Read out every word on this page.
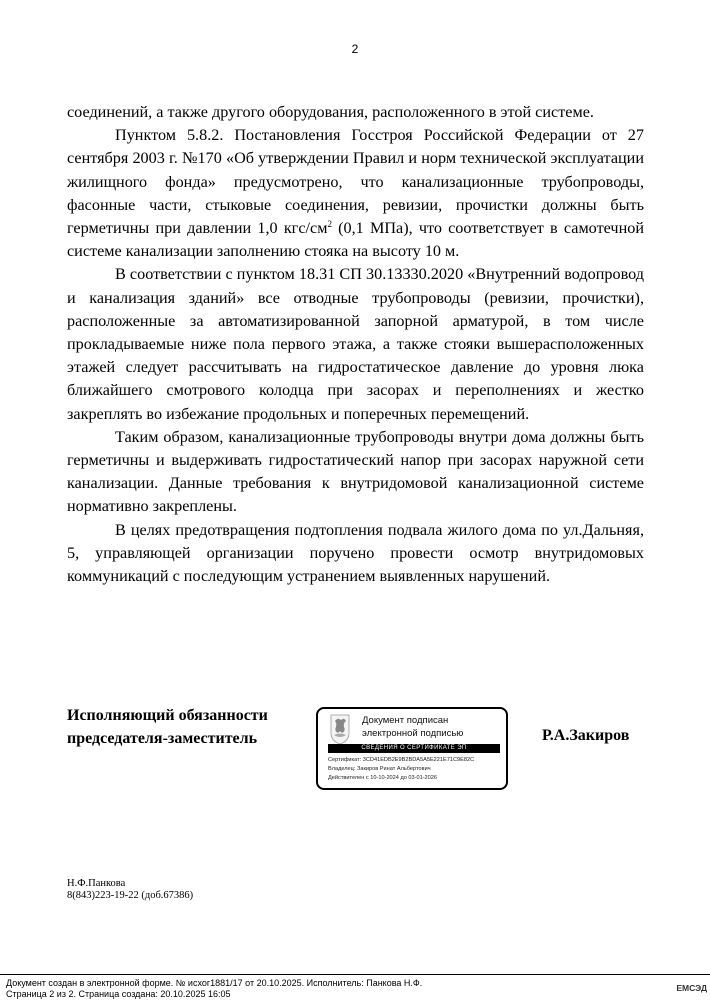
2

соединений, а также другого оборудования, расположенного в этой системе.

Пунктом 5.8.2. Постановления Госстроя Российской Федерации от 27 сентября 2003 г. №170 «Об утверждении Правил и норм технической эксплуатации жилищного фонда» предусмотрено, что канализационные трубопроводы, фасонные части, стыковые соединения, ревизии, прочистки должны быть герметичны при давлении 1,0 кгс/$см^2$ (0,1 МПа), что соответствует в самотечной системе канализации заполнению стояка на высоту 10 м.

В соответствии с пунктом 18.31 СП 30.13330.2020 «Внутренний водопровод и канализация зданий» все отводные трубопроводы (ревизии, прочистки), расположенные за автоматизированной запорной арматурой, в том числе прокладываемые ниже пола первого этажа, а также стояки вышерасположенных этажей следует рассчитывать на гидростатическое давление до уровня люка ближайшего смотрового колодца при засорах и переполнениях и жестко закреплять во избежание продольных и поперечных перемещений.

Таким образом, канализационные трубопроводы внутри дома должны быть герметичны и выдерживать гидростатический напор при засорах наружной сети канализации. Данные требования к внутридомовой канализационной системе нормативно закреплены.

В целях предотвращения подтопления подвала жилого дома по ул.Дальняя, 5, управляющей организации поручено провести осмотр внутридомовых коммуникаций с последующим устранением выявленных нарушений.

Исполняющий обязанности
председателя-заместитель
Документ подписан
электронной подписью
СВЕДЕНИЯ О СЕРТИФИКАТЕ ЭП
Сертификат: 3CD41EDB2E9B2BDA5A5E221E71C9E82C
Владелец: Закиров Ринат Альбертович
Действителен с 10-10-2024 до 03-01-2026
Р.А.Закиров
Н.Ф.Панкова
8(843)223-19-22 (доб.67386)
Документ создан в электронной форме. № исхог1881/17 от 20.10.2025. Исполнитель: Панкова Н.Ф.
Страница 2 из 2. Страница создана: 20.10.2025 16:05
ЕМСЭД
